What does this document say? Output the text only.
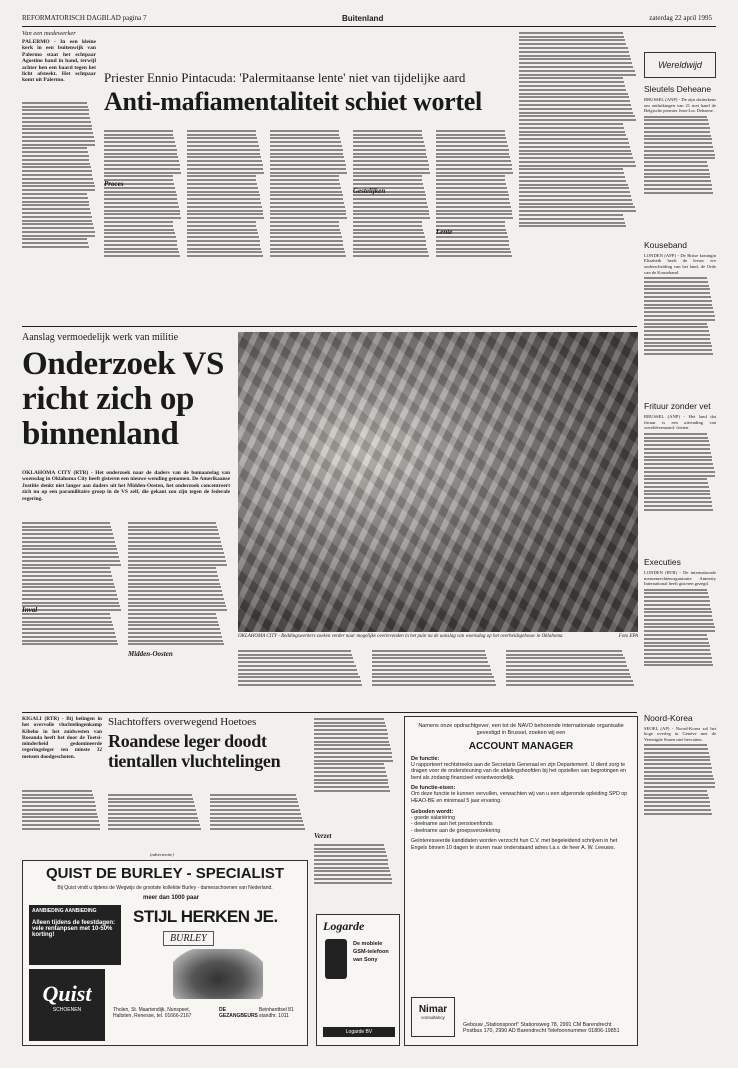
REFORMATORISCH DAGBLAD pagina 7	Buitenland	zaterdag 22 april 1995
Van een medewerker

PALERMO - In een kleine kerk in een buitenwijk van Palermo staat het echtpaar Agostino hand in hand, terwijl achter hen een baard tegen het licht afsteekt. Het echtpaar komt uit Palermo.	Priester Ennio Pintacuda: 'Palermitaanse lente' niet van tijdelijke aard
Anti-mafiamentaliteit schiet wortel
Proces
Gestelijken
Lente
Aanslag vermoedelijk werk van militie
Onderzoek VS richt zich op binnenland

OKLAHOMA CITY (RTR) - Het onderzoek naar de daders van de bomaanslag van woensdag in Oklahoma City heeft gisteren een nieuwe wending genomen. De Amerikaanse Justitie denkt niet langer aan daders uit het Midden-Oosten, het onderzoek concentreert zich nu op een paramilitaire groep in de VS zelf, die gekant zou zijn tegen de federale regering.

Inval
Midden-Oosten
OKLAHOMA CITY - Reddingswerkers zoeken verder naar mogelijke overlevenden in het puin na de aanslag van woensdag op het overheidsgebouw in Oklahoma.	Foto EPA

KIGALI (RTR) - Bij beiingen in het overvolle vluchtelingenkamp Kibeho in het zuidwesten van Roeanda heeft het door de Toetsi-minderheid gedomineerde regeringsleger ten minste 32 mensen doodgeschoten.

Slachtoffers overwegend Hoetoes
Roandese leger doodt tientallen vluchtelingen
Verzet
(advertentie)
QUIST DE BURLEY - SPECIALIST
Bij Quist vindt u tijdens de Wegwijs de grootste kollektie Burley - damesschoenen van Nederland.
meer dan 1000 paar
AANBIEDING AANBIEDING
Alleen tijdens de feestdagen: vele rentanpsen met 10-50% korting!
STIJL HERKEN JE.
BURLEY
Quist
SCHOENEN	Tholen, St. Maartendijk, Nunspeet, Haltsten, Renesse, tel. 01666-2167
DE GEZANGBEURS
Beinhardtsel 81 standhr. 1011
Logarde
De mobiele
GSM-telefoon
van Sony
Logarde BV
Namens onze opdrachtgever, een tot de NAVO behorende internationale organisatie gevestigd in Brussel, zoeken wij een
ACCOUNT MANAGER
De functie:
U rapporteert rechtstreeks aan de Secretaris Generaal en zijn Departement. U dient zorg te dragen voor de ondersteuning van de afdelingshoofden bij het opstellen van begrotingen en bent als zodanig financieel verantwoordelijk.
De functie-eisen:
Om deze functie te kunnen vervullen, verwachten wij van u een afgeronde opleiding SPD op HEAO-BE en minimaal 5 jaar ervaring.
Geboden wordt:
- goede salariëring
- deelname aan het pensioenfonds
- deelname aan de groepsverzekering
Geïnteresseerde kandidaten worden verzocht hun C.V. met begeleidend schrijven in het Engels binnen 10 dagen te sturen naar onderstaand adres t.a.v. de heer A. W. Leeuws.
Nimar
consultancy
Gebouw „Stationspoort" Stationsweg 78, 2991 CM Barendrecht Postbus 170, 2990 AD Barendrecht Telefoonnummer 01806-19851
Wereldwijd
Sleutels Deheane

BRUSSEL (ANP) - De zijn sluiterkens om ontluikingen van 21 mei hand de Belgische premier Jean-Luc Dehaene.

Kouseband

LONDEN (AFP) - De Britse koningin Elizabeth heeft de leeuw ere onderscheiding van het land, de Orde van de Kouseband.

Frituur zonder vet

BRUSSEL (ANP) - Het land dat frituur is een uitvinding van wereldvermaard: frieten.

Executies

LONDEN (RTR) - De internationale mensenrechtenorganisatie Amnesty International heeft gisteren gezegd.

Noord-Korea

SEOEL (AP) - Noord-Korea zal het hoge overleg in Genève met de Verenigde Staten niet hervatten.
